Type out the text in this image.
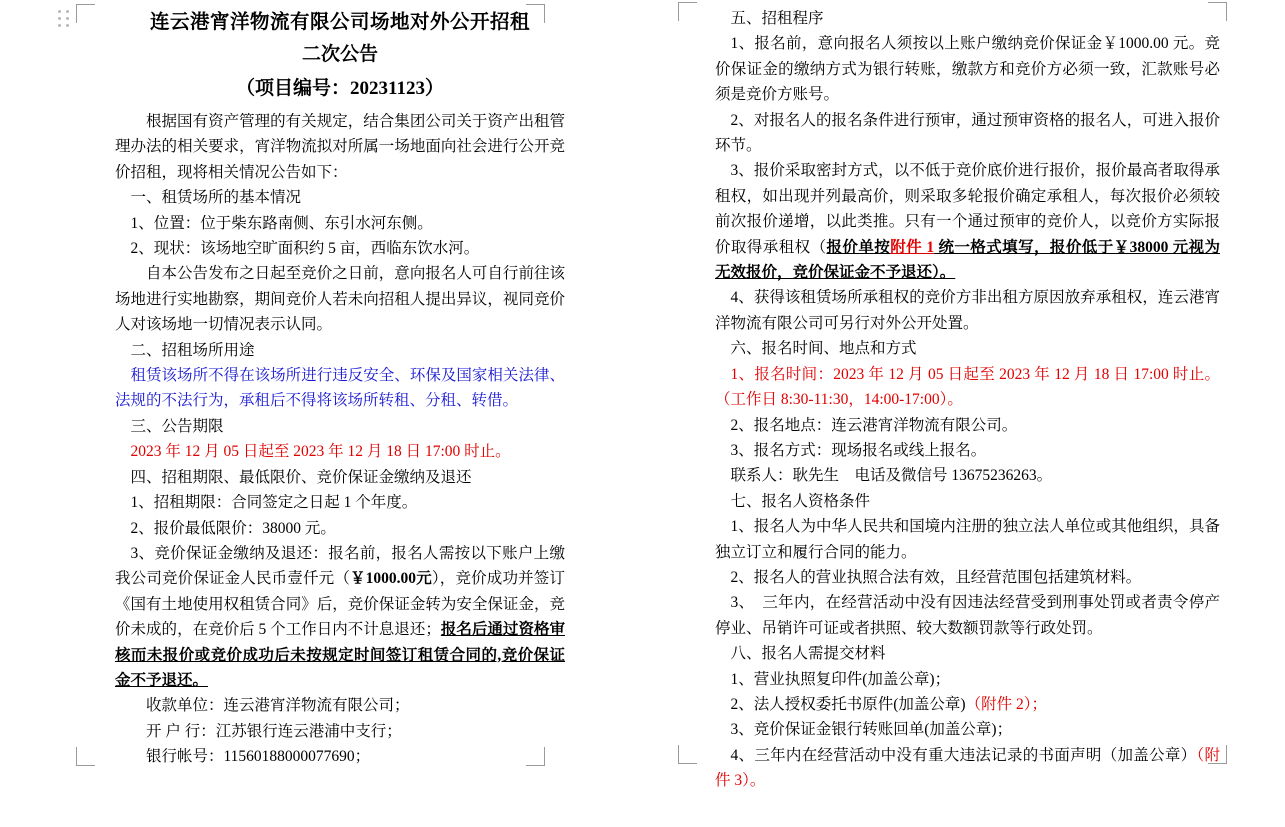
连云港宵洋物流有限公司场地对外公开招租

二次公告

（项目编号：20231123）

根据国有资产管理的有关规定，结合集团公司关于资产出租管理办法的相关要求，宵洋物流拟对所属一场地面向社会进行公开竞价招租，现将相关情况公告如下：

一、租赁场所的基本情况

1、位置：位于柴东路南侧、东引水河东侧。

2、现状：该场地空旷面积约 5 亩，西临东饮水河。

自本公告发布之日起至竞价之日前，意向报名人可自行前往该场地进行实地勘察，期间竞价人若未向招租人提出异议，视同竞价人对该场地一切情况表示认同。

二、招租场所用途

租赁该场所不得在该场所进行违反安全、环保及国家相关法律、法规的不法行为，承租后不得将该场所转租、分租、转借。

三、公告期限

2023 年 12 月 05 日起至 2023 年 12 月 18 日 17:00 时止。

四、招租期限、最低限价、竞价保证金缴纳及退还

1、招租期限：合同签定之日起 1 个年度。

2、报价最低限价：38000 元。

3、竞价保证金缴纳及退还：报名前，报名人需按以下账户上缴我公司竞价保证金人民币壹仟元（￥1000.00元），竞价成功并签订《国有土地使用权租赁合同》后，竞价保证金转为安全保证金，竞价未成的，在竞价后 5 个工作日内不计息退还；报名后通过资格审核而未报价或竞价成功后未按规定时间签订租赁合同的,竞价保证金不予退还。

收款单位：连云港宵洋物流有限公司；

开 户 行：江苏银行连云港浦中支行；

银行帐号：11560188000077690；

五、招租程序

1、报名前，意向报名人须按以上账户缴纳竞价保证金￥1000.00 元。竞价保证金的缴纳方式为银行转账，缴款方和竞价方必须一致，汇款账号必须是竞价方账号。

2、对报名人的报名条件进行预审，通过预审资格的报名人，可进入报价环节。

3、报价采取密封方式，以不低于竞价底价进行报价，报价最高者取得承租权，如出现并列最高价，则采取多轮报价确定承租人，每次报价必须较前次报价递增，以此类推。只有一个通过预审的竞价人，以竞价方实际报价取得承租权（报价单按附件 1 统一格式填写，报价低于￥38000 元视为无效报价，竞价保证金不予退还）。

4、获得该租赁场所承租权的竞价方非出租方原因放弃承租权，连云港宵洋物流有限公司可另行对外公开处置。

六、报名时间、地点和方式

1、报名时间：2023 年 12 月 05 日起至 2023 年 12 月 18 日 17:00 时止。（工作日 8:30-11:30，14:00-17:00）。

2、报名地点：连云港宵洋物流有限公司。

3、报名方式：现场报名或线上报名。

联系人：耿先生　电话及微信号 13675236263。

七、报名人资格条件

1、报名人为中华人民共和国境内注册的独立法人单位或其他组织，具备独立订立和履行合同的能力。

2、报名人的营业执照合法有效，且经营范围包括建筑材料。

3、　三年内，在经营活动中没有因违法经营受到刑事处罚或者责令停产停业、吊销许可证或者拱照、较大数额罚款等行政处罚。

八、报名人需提交材料

1、营业执照复印件(加盖公章)；

2、法人授权委托书原件(加盖公章)（附件 2）；

3、竞价保证金银行转账回单(加盖公章)；

4、三年内在经营活动中没有重大违法记录的书面声明（加盖公章）（附件 3）。
